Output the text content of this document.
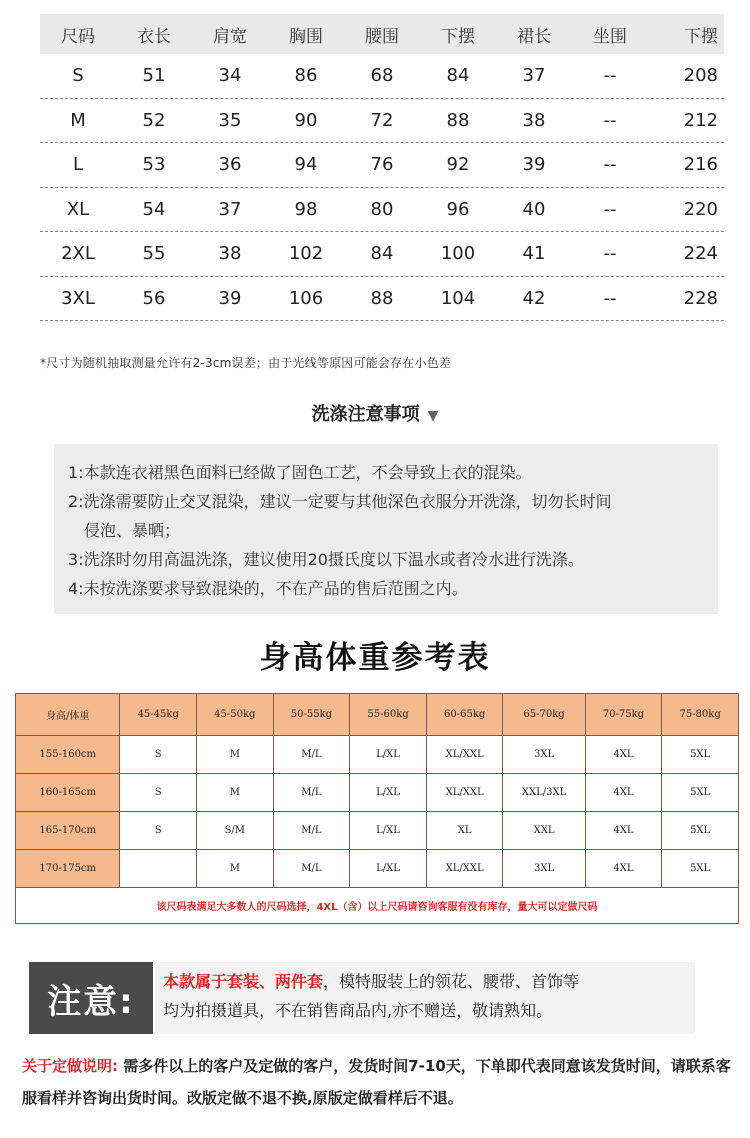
尺码	衣长	肩宽	胸围	腰围	下摆	裙长	坐围	下摆
S	51	34	86	68	84	37	--	208
M	52	35	90	72	88	38	--	212
L	53	36	94	76	92	39	--	216
XL	54	37	98	80	96	40	--	220
2XL	55	38	102	84	100	41	--	224
3XL	56	39	106	88	104	42	--	228
*尺寸为随机抽取测量允许有2-3cm误差；由于光线等原因可能会存在小色差
洗涤注意事项 ▼
1:本款连衣裙黑色面料已经做了固色工艺，不会导致上衣的混染。
2:洗涤需要防止交叉混染，建议一定要与其他深色衣服分开洗涤，切勿长时间
侵泡、暴晒；
3:洗涤时勿用高温洗涤，建议使用20摄氏度以下温水或者冷水进行洗涤。
4:未按洗涤要求导致混染的，不在产品的售后范围之内。
身高体重参考表
身高/体重	45-45kg	45-50kg	50-55kg	55-60kg	60-65kg	65-70kg	70-75kg	75-80kg
155-160cm	S	M	M/L	L/XL	XL/XXL	3XL	4XL	5XL
160-165cm	S	M	M/L	L/XL	XL/XXL	XXL/3XL	4XL	5XL
165-170cm	S	S/M	M/L	L/XL	XL	XXL	4XL	5XL
170-175cm		M	M/L	L/XL	XL/XXL	3XL	4XL	5XL
该尺码表满足大多数人的尺码选择，4XL（含）以上尺码请咨询客服有没有库存，量大可以定做尺码								
注意:	本款属于套装、两件套，模特服装上的领花、腰带、首饰等
均为拍摄道具，不在销售商品内,亦不赠送，敬请熟知。
关于定做说明: 需多件以上的客户及定做的客户，发货时间7-10天，下单即代表同意该发货时间，请联系客服看样并咨询出货时间。改版定做不退不换,原版定做看样后不退。
